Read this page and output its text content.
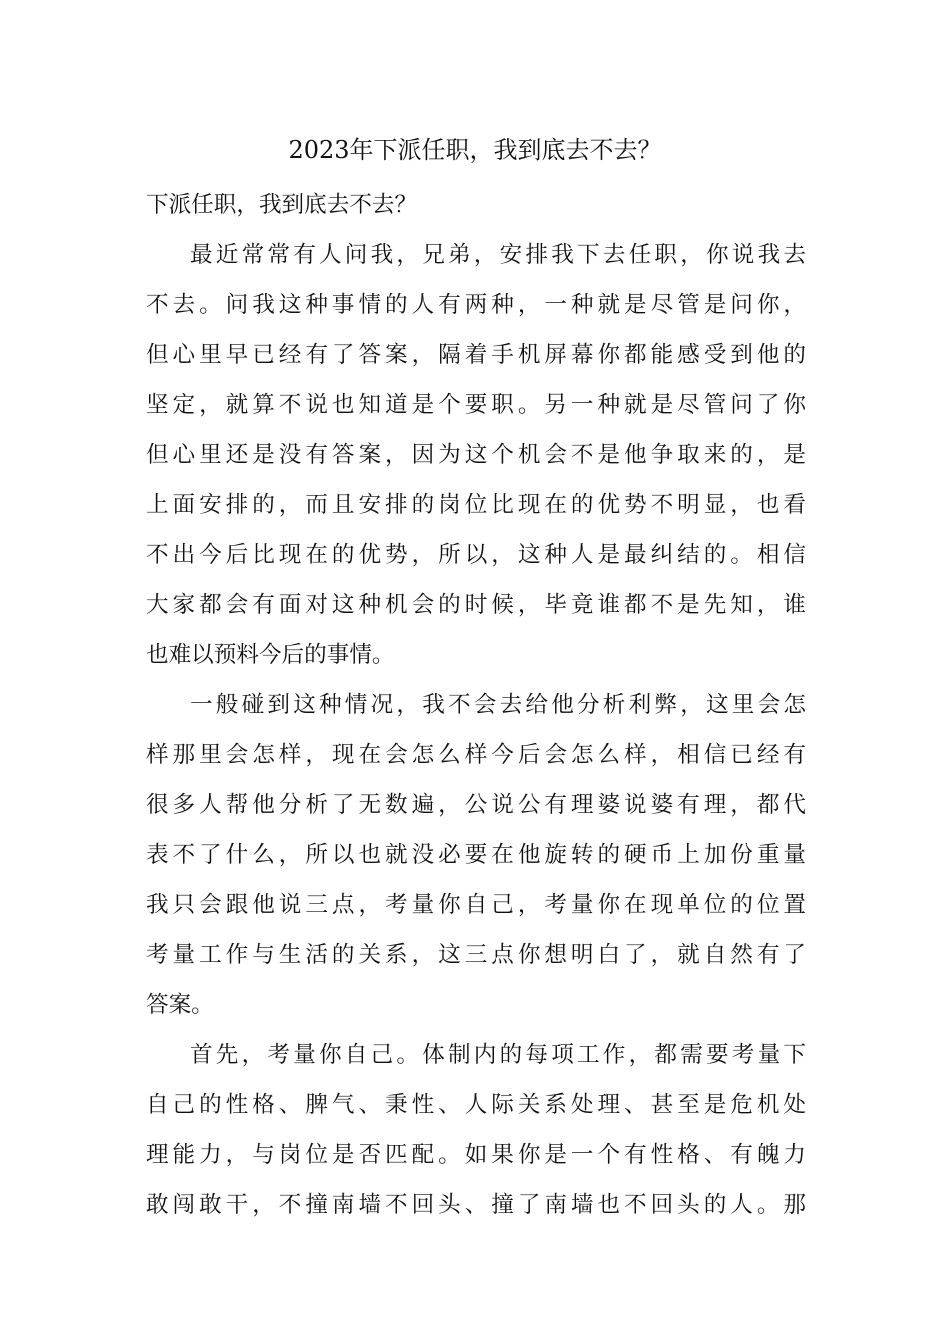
2023年下派任职，我到底去不去？
下派任职，我到底去不去？
最近常常有人问我，兄弟，安排我下去任职，你说我去
不去。问我这种事情的人有两种，一种就是尽管是问你，
但心里早已经有了答案，隔着手机屏幕你都能感受到他的
坚定，就算不说也知道是个要职。另一种就是尽管问了你
但心里还是没有答案，因为这个机会不是他争取来的，是
上面安排的，而且安排的岗位比现在的优势不明显，也看
不出今后比现在的优势，所以，这种人是最纠结的。相信
大家都会有面对这种机会的时候，毕竟谁都不是先知，谁
也难以预料今后的事情。
一般碰到这种情况，我不会去给他分析利弊，这里会怎
样那里会怎样，现在会怎么样今后会怎么样，相信已经有
很多人帮他分析了无数遍，公说公有理婆说婆有理，都代
表不了什么，所以也就没必要在他旋转的硬币上加份重量
我只会跟他说三点，考量你自己，考量你在现单位的位置
考量工作与生活的关系，这三点你想明白了，就自然有了
答案。
首先，考量你自己。体制内的每项工作，都需要考量下
自己的性格、脾气、秉性、人际关系处理、甚至是危机处
理能力，与岗位是否匹配。如果你是一个有性格、有魄力
敢闯敢干，不撞南墙不回头、撞了南墙也不回头的人。那
